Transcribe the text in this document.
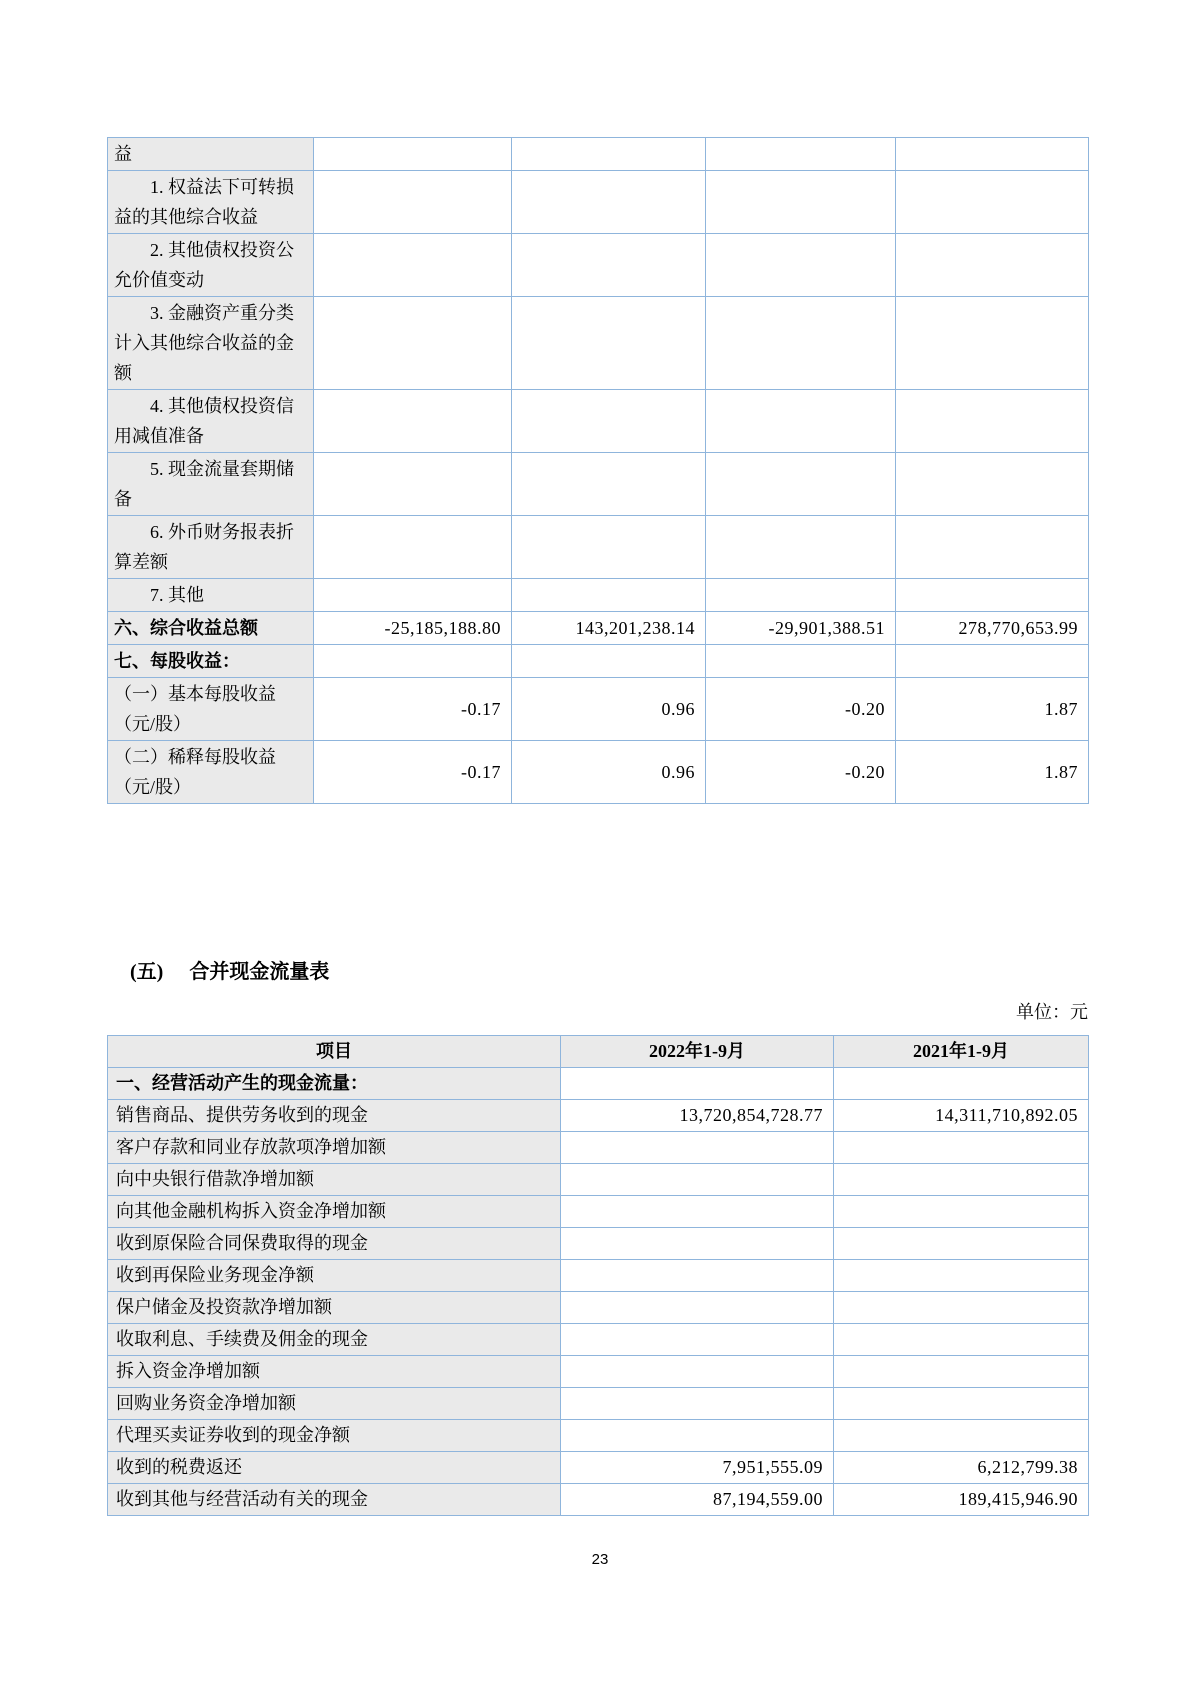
益				
1. 权益法下可转损益的其他综合收益				
2. 其他债权投资公允价值变动				
3. 金融资产重分类计入其他综合收益的金额				
4. 其他债权投资信用减值准备				
5. 现金流量套期储备				
6. 外币财务报表折算差额				
7. 其他				
六、综合收益总额	-25,185,188.80	143,201,238.14	-29,901,388.51	278,770,653.99
七、每股收益：				
（一）基本每股收益（元/股）	-0.17	0.96	-0.20	1.87
（二）稀释每股收益（元/股）	-0.17	0.96	-0.20	1.87
(五) 合并现金流量表
单位：元
项目	2022年1-9月	2021年1-9月
一、经营活动产生的现金流量：		
销售商品、提供劳务收到的现金	13,720,854,728.77	14,311,710,892.05
客户存款和同业存放款项净增加额		
向中央银行借款净增加额		
向其他金融机构拆入资金净增加额		
收到原保险合同保费取得的现金		
收到再保险业务现金净额		
保户储金及投资款净增加额		
收取利息、手续费及佣金的现金		
拆入资金净增加额		
回购业务资金净增加额		
代理买卖证券收到的现金净额		
收到的税费返还	7,951,555.09	6,212,799.38
收到其他与经营活动有关的现金	87,194,559.00	189,415,946.90
23
